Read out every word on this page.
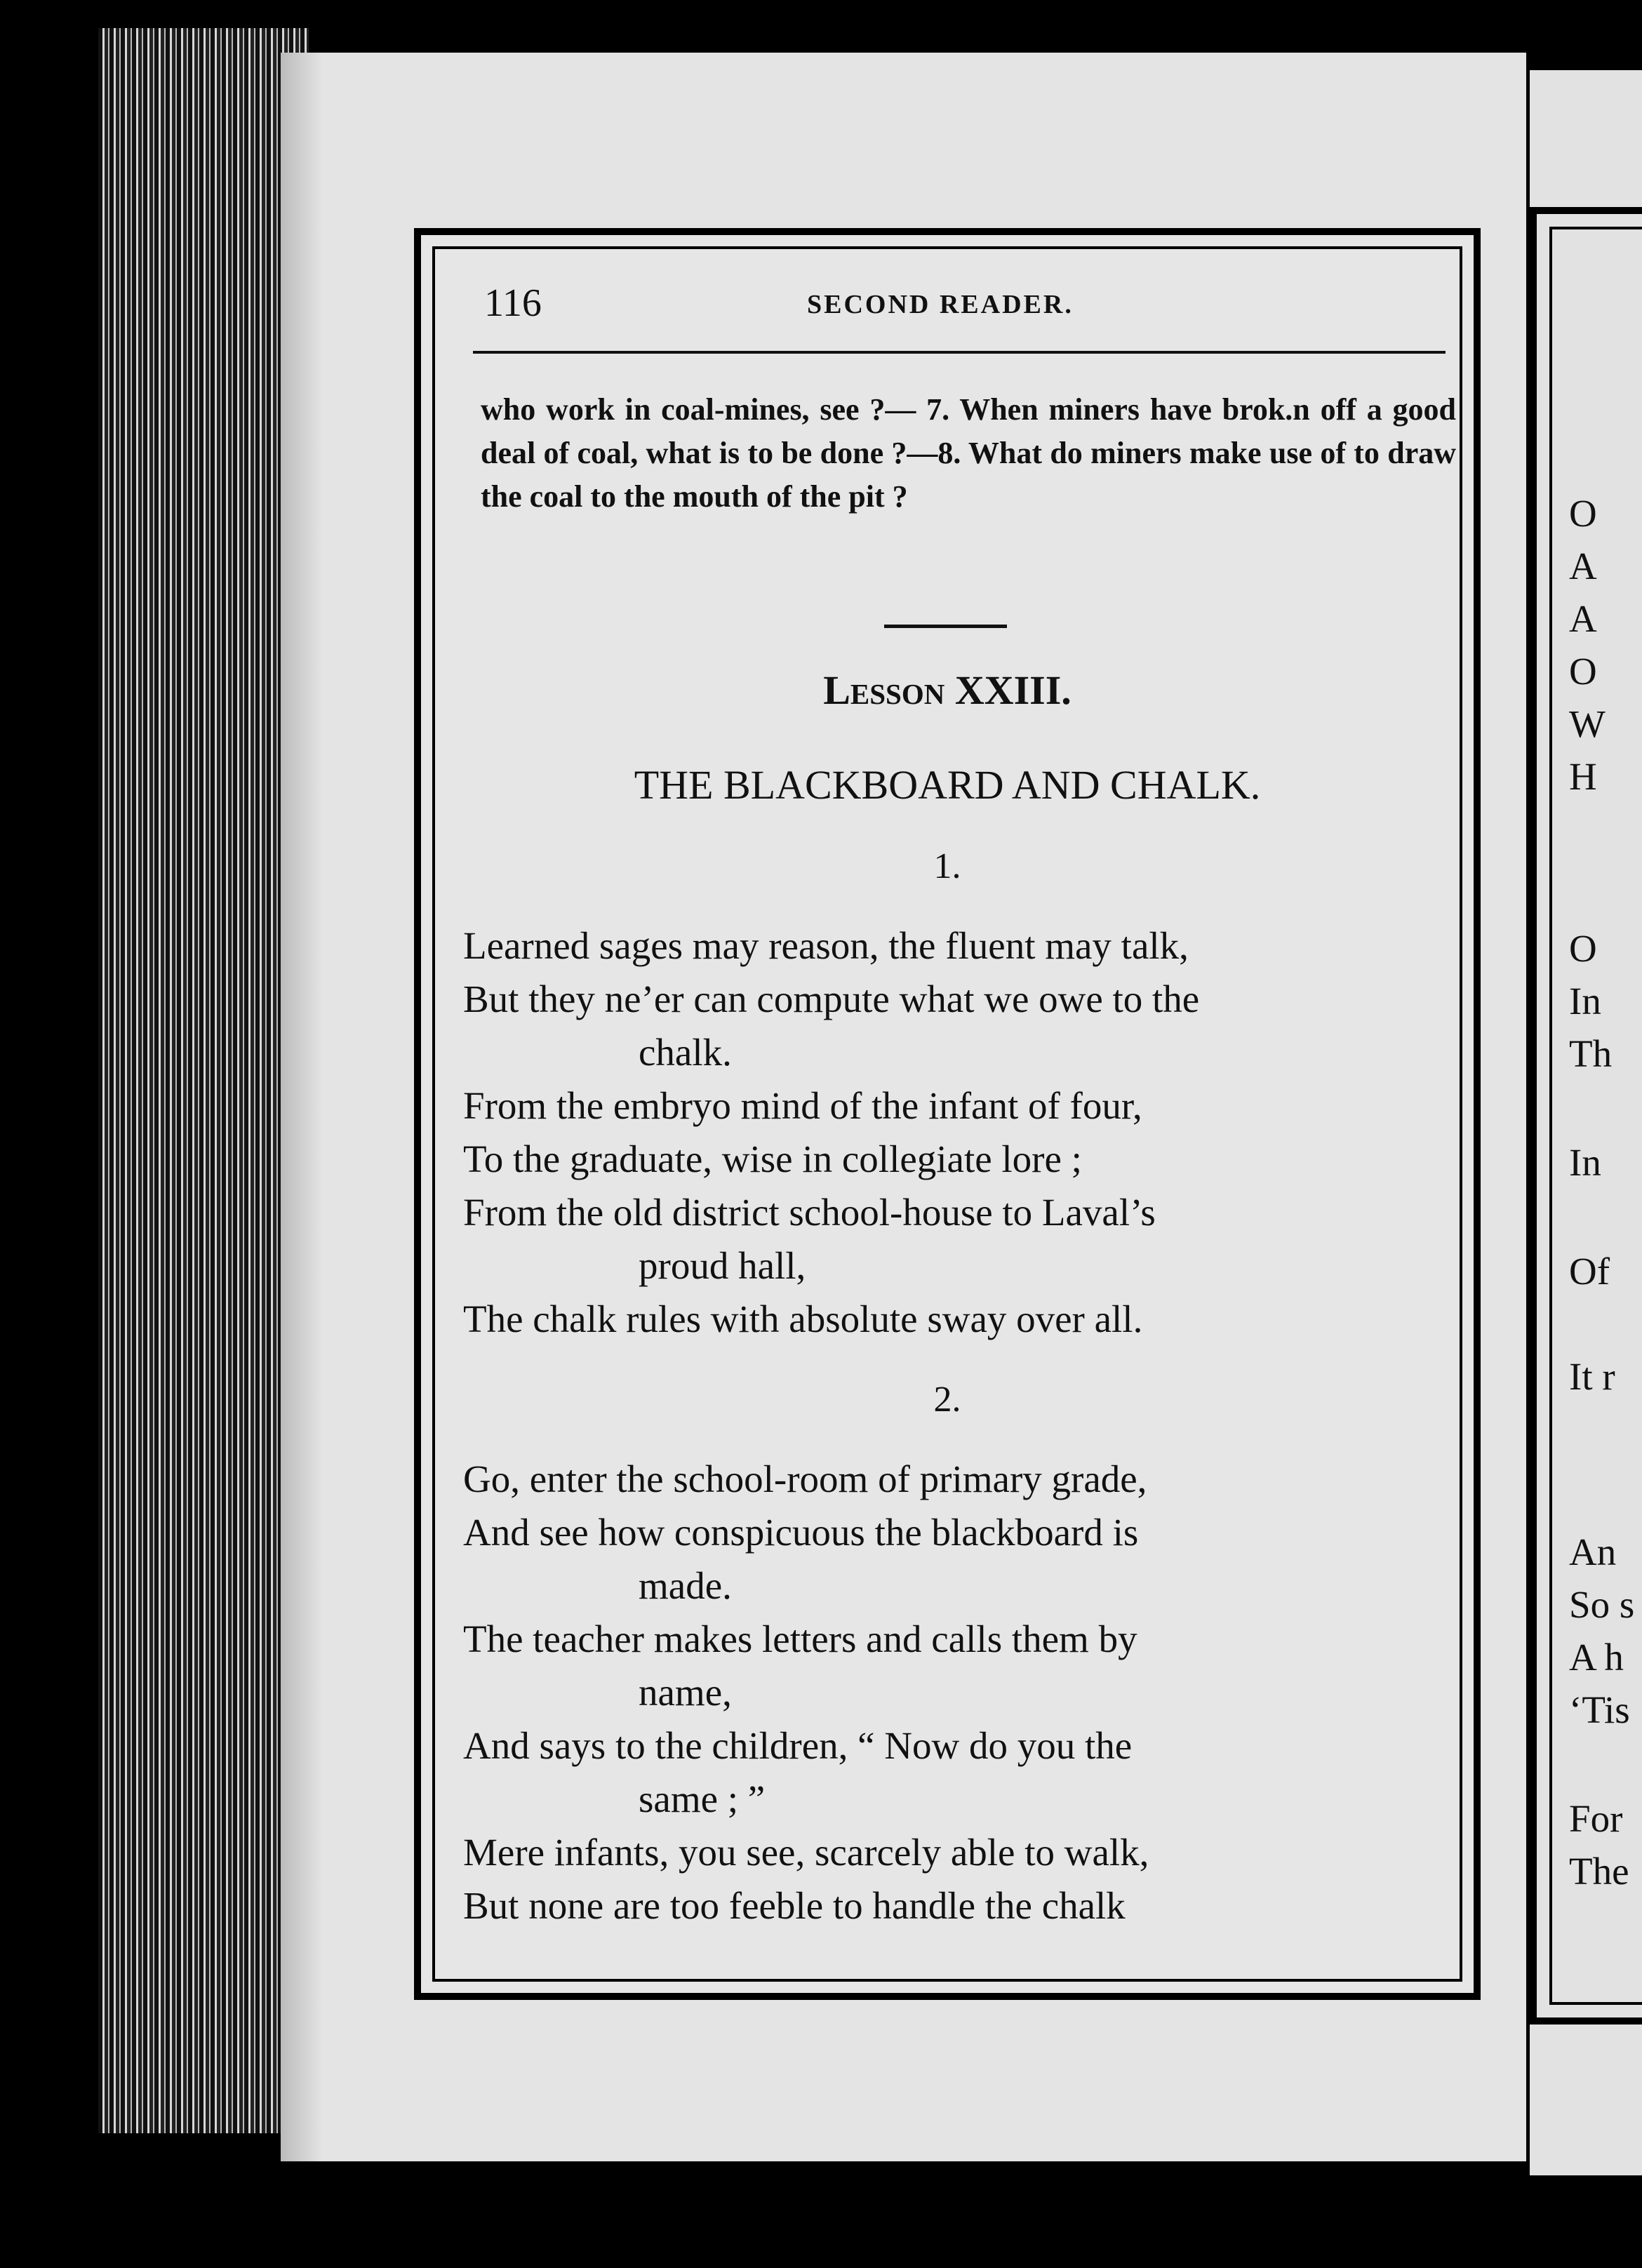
116	SECOND READER.
who work in coal-mines, see ?— 7. When miners have brok.n off a good deal of coal, what is to be done ?—8. What do miners make use of to draw the coal to the mouth of the pit ?
Lesson XXIII.
THE BLACKBOARD AND CHALK.
1.
Learned sages may reason, the fluent may talk,
But they ne’er can compute what we owe to the
chalk.
From the embryo mind of the infant of four,
To the graduate, wise in collegiate lore ;
From the old district school-house to Laval’s
proud hall,
The chalk rules with absolute sway over all.
2.
Go, enter the school-room of primary grade,
And see how conspicuous the blackboard is
made.
The teacher makes letters and calls them by
name,
And says to the children, “ Now do you the
same ; ”
Mere infants, you see, scarcely able to walk,
But none are too feeble to handle the chalk
O
A
A
O
W
H
O
In
Th
In
Of
It r
An
So s
A h
‘Tis
For
The
